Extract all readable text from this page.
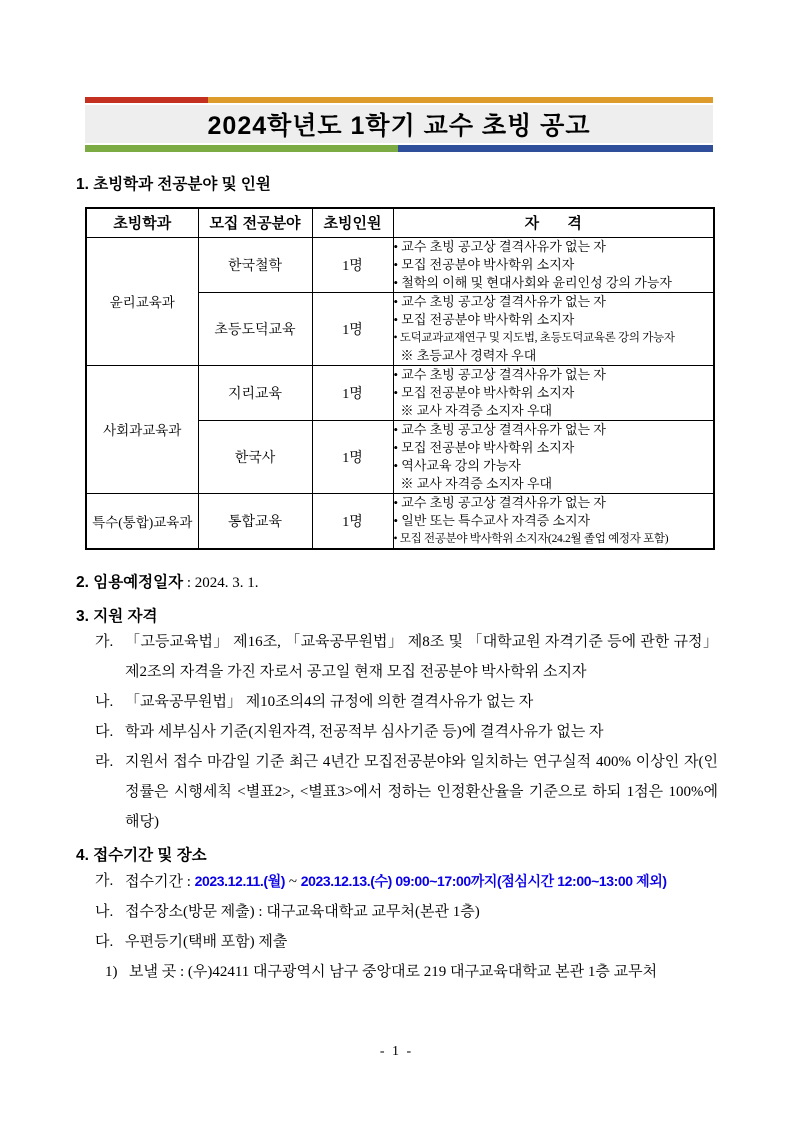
2024학년도 1학기 교수 초빙 공고
1. 초빙학과 전공분야 및 인원
초빙학과	모집 전공분야	초빙인원	자 격
윤리교육과	한국철학	1명	• 교수 초빙 공고상 결격사유가 없는 자
• 모집 전공분야 박사학위 소지자
• 철학의 이해 및 현대사회와 윤리인성 강의 가능자

	초등도덕교육	1명	• 교수 초빙 공고상 결격사유가 없는 자
• 모집 전공분야 박사학위 소지자
• 도덕교과교재연구 및 지도법, 초등도덕교육론 강의 가능자
※ 초등교사 경력자 우대

사회과교육과	지리교육	1명	• 교수 초빙 공고상 결격사유가 없는 자
• 모집 전공분야 박사학위 소지자
※ 교사 자격증 소지자 우대

	한국사	1명	• 교수 초빙 공고상 결격사유가 없는 자
• 모집 전공분야 박사학위 소지자
• 역사교육 강의 가능자
※ 교사 자격증 소지자 우대

특수(통합)교육과	통합교육	1명	• 교수 초빙 공고상 결격사유가 없는 자
• 일반 또는 특수교사 자격증 소지자
• 모집 전공분야 박사학위 소지자(24.2월 졸업 예정자 포함)
2. 임용예정일자 : 2024. 3. 1.
3. 지원 자격
가. 「고등교육법」 제16조, 「교육공무원법」 제8조 및 「대학교원 자격기준 등에 관한 규정」 제2조의 자격을 가진 자로서 공고일 현재 모집 전공분야 박사학위 소지자
나. 「교육공무원법」 제10조의4의 규정에 의한 결격사유가 없는 자
다. 학과 세부심사 기준(지원자격, 전공적부 심사기준 등)에 결격사유가 없는 자
라. 지원서 접수 마감일 기준 최근 4년간 모집전공분야와 일치하는 연구실적 400% 이상인 자(인정률은 시행세칙 <별표2>, <별표3>에서 정하는 인정환산율을 기준으로 하되 1점은 100%에 해당)
4. 접수기간 및 장소
가. 접수기간 : 2023.12.11.(월) ~ 2023.12.13.(수) 09:00~17:00까지(점심시간 12:00~13:00 제외)
나. 접수장소(방문 제출) : 대구교육대학교 교무처(본관 1층)
다. 우편등기(택배 포함) 제출
1) 보낼 곳 : (우)42411 대구광역시 남구 중앙대로 219 대구교육대학교 본관 1층 교무처
- 1 -
